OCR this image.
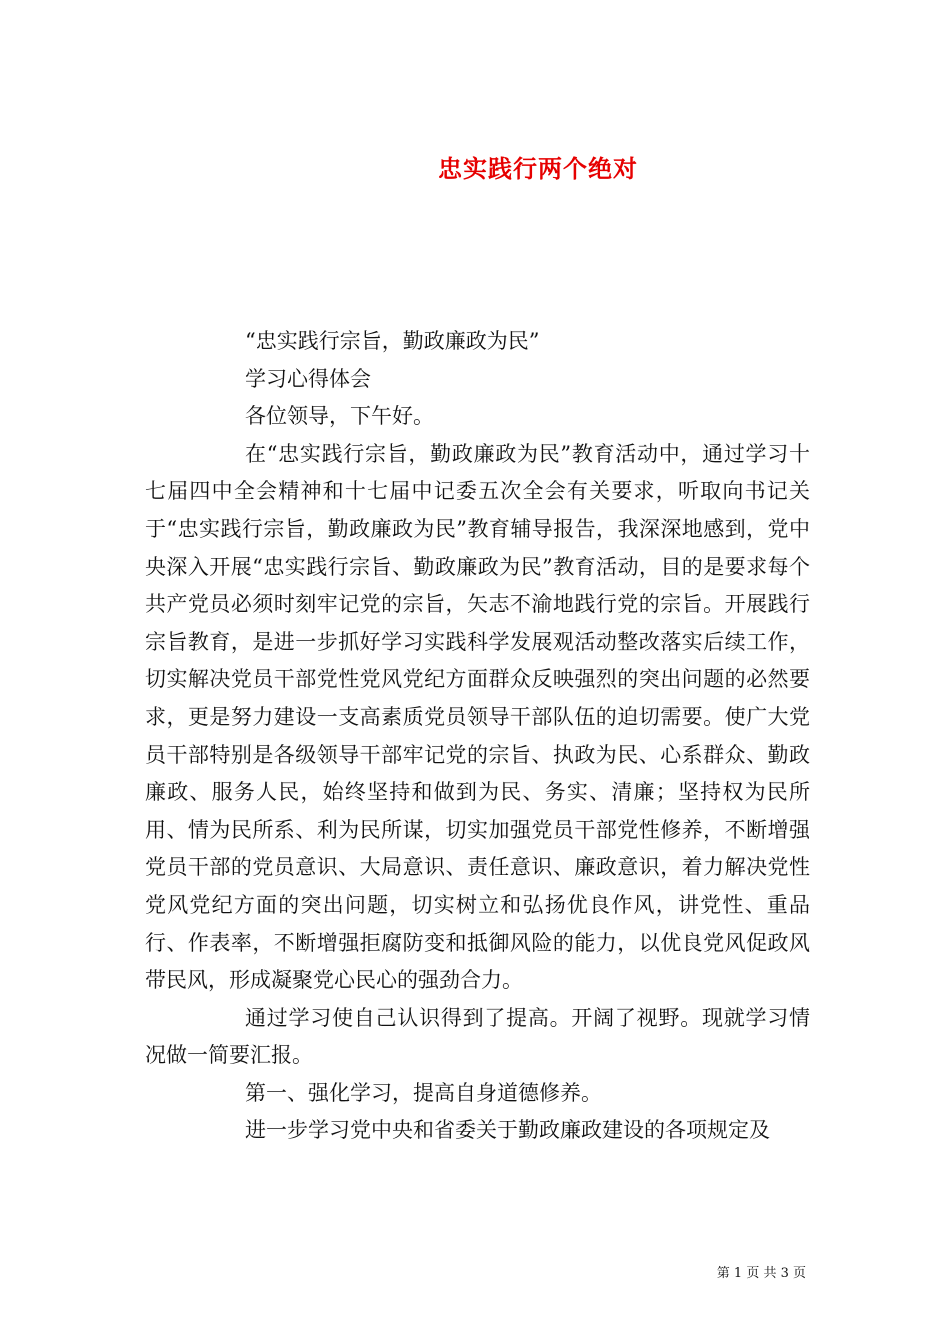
忠实践行两个绝对

“忠实践行宗旨，勤政廉政为民”

学习心得体会

各位领导，下午好。

在“忠实践行宗旨，勤政廉政为民”教育活动中，通过学习十七届四中全会精神和十七届中记委五次全会有关要求，听取向书记关于“忠实践行宗旨，勤政廉政为民”教育辅导报告，我深深地感到，党中央深入开展“忠实践行宗旨、勤政廉政为民”教育活动，目的是要求每个共产党员必须时刻牢记党的宗旨，矢志不渝地践行党的宗旨。开展践行宗旨教育，是进一步抓好学习实践科学发展观活动整改落实后续工作，切实解决党员干部党性党风党纪方面群众反映强烈的突出问题的必然要求，更是努力建设一支高素质党员领导干部队伍的迫切需要。使广大党员干部特别是各级领导干部牢记党的宗旨、执政为民、心系群众、勤政廉政、服务人民，始终坚持和做到为民、务实、清廉；坚持权为民所用、情为民所系、利为民所谋，切实加强党员干部党性修养，不断增强党员干部的党员意识、大局意识、责任意识、廉政意识，着力解决党性党风党纪方面的突出问题，切实树立和弘扬优良作风，讲党性、重品行、作表率，不断增强拒腐防变和抵御风险的能力，以优良党风促政风带民风，形成凝聚党心民心的强劲合力。

通过学习使自己认识得到了提高。开阔了视野。现就学习情况做一简要汇报。

第一、强化学习，提高自身道德修养。

进一步学习党中央和省委关于勤政廉政建设的各项规定及

第 1 页 共 3 页
